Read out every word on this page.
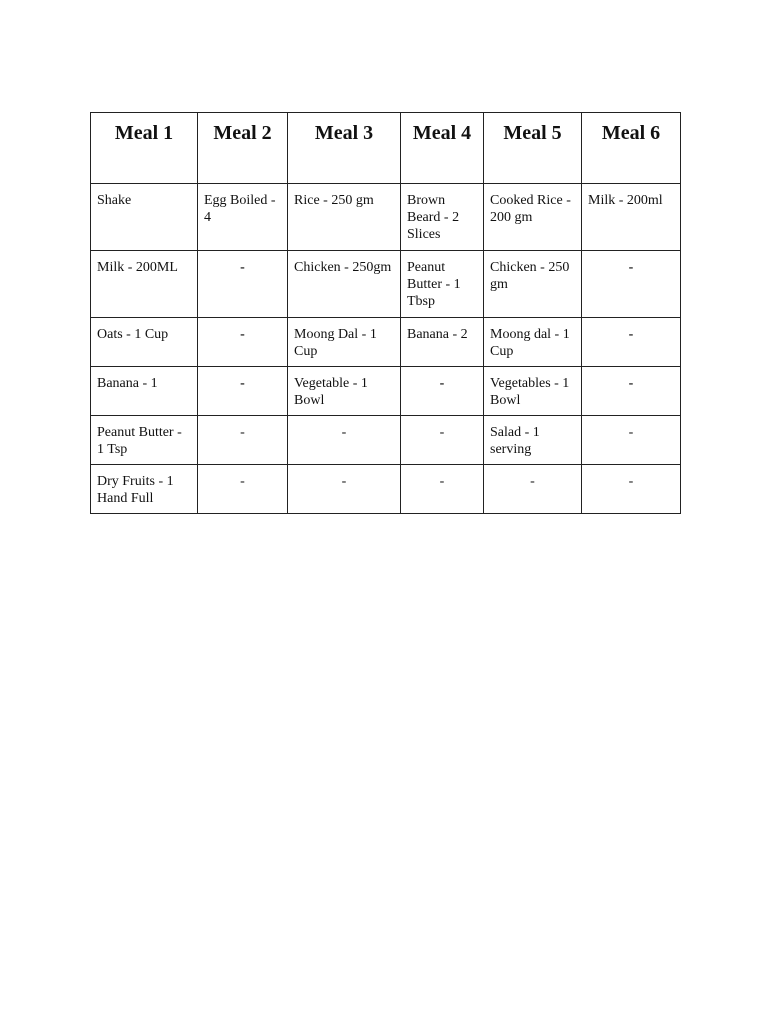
Meal 1	Meal 2	Meal 3	Meal 4	Meal 5	Meal 6
Shake	Egg Boiled - 4	Rice - 250 gm	Brown Beard - 2 Slices	Cooked Rice - 200 gm	Milk - 200ml
Milk - 200ML	-	Chicken - 250gm	Peanut Butter - 1 Tbsp	Chicken - 250 gm	-
Oats - 1 Cup	-	Moong Dal - 1 Cup	Banana - 2	Moong dal - 1 Cup	-
Banana - 1	-	Vegetable - 1 Bowl	-	Vegetables - 1 Bowl	-
Peanut Butter - 1 Tsp	-	-	-	Salad - 1 serving	-
Dry Fruits - 1 Hand Full	-	-	-	-	-
